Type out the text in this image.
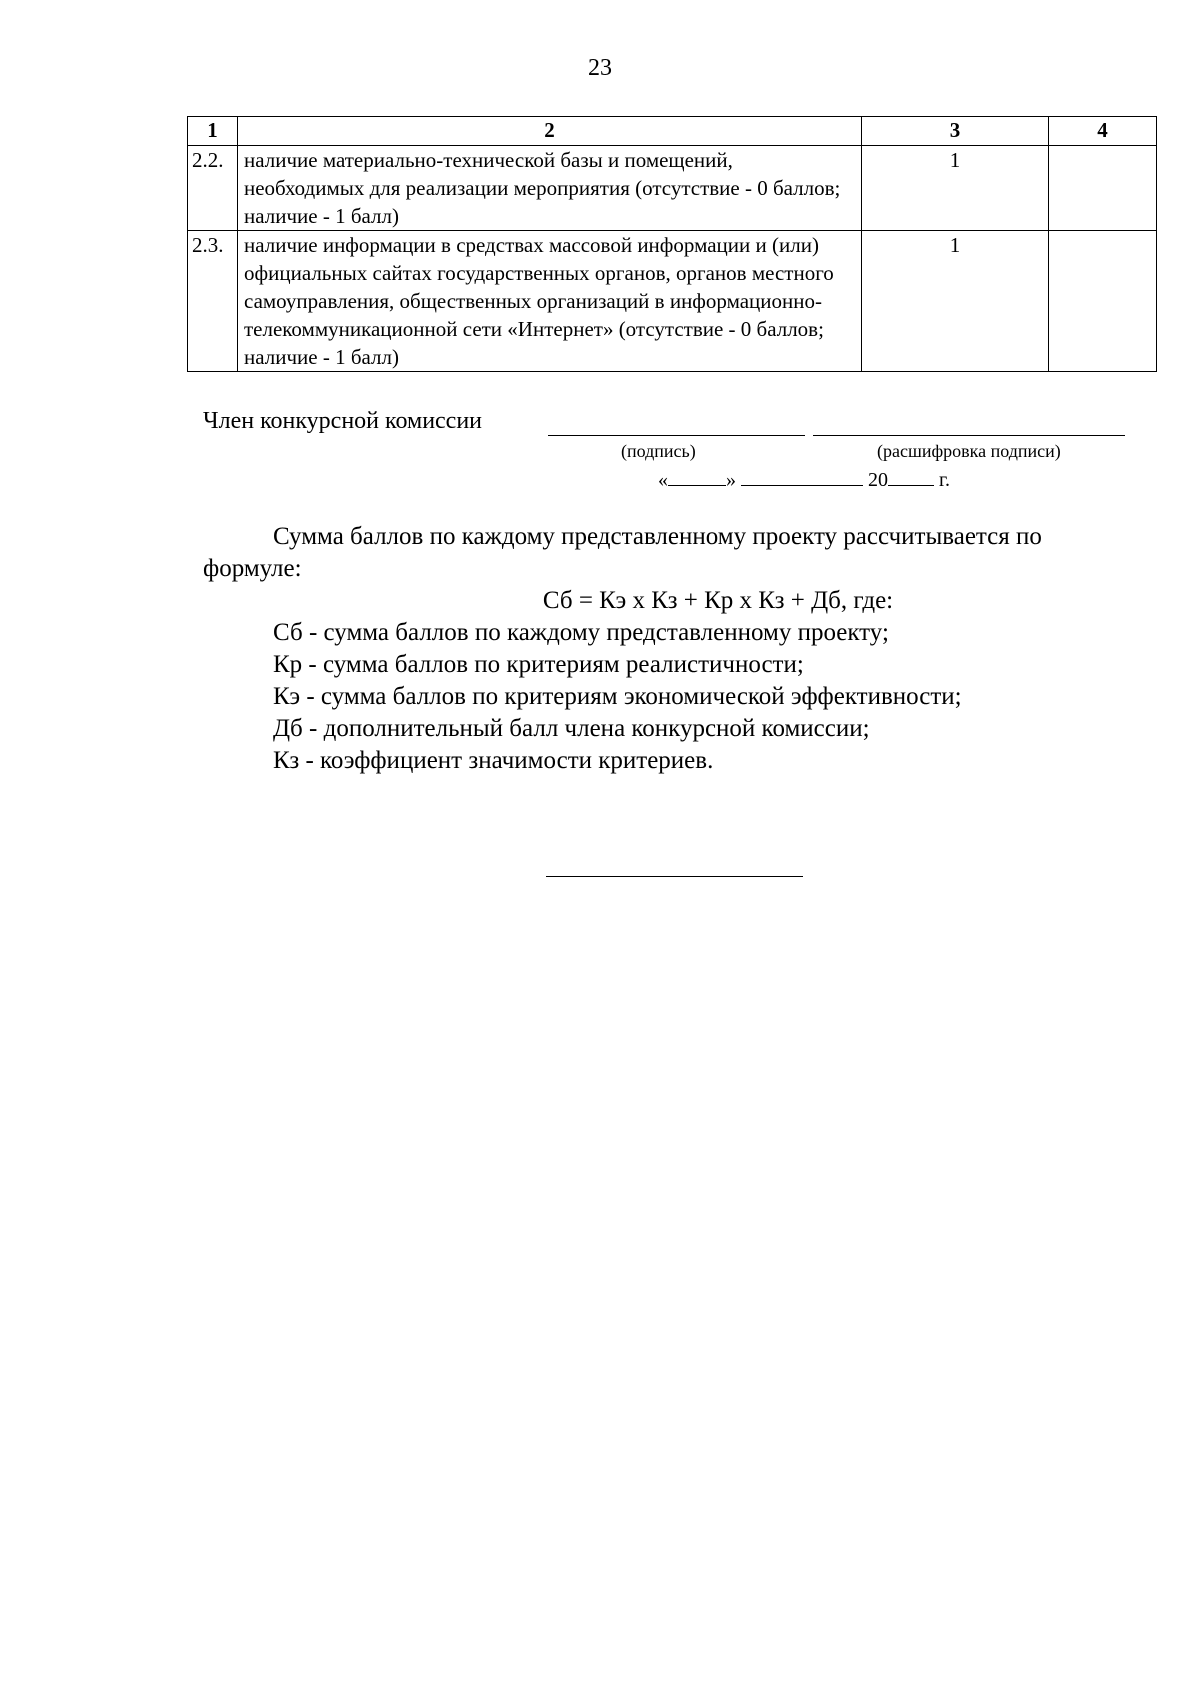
23
1	2	3	4
2.2.	наличие материально-технической базы и помещений, необходимых для реализации мероприятия (отсутствие - 0 баллов; наличие - 1 балл)	1	
2.3.	наличие информации в средствах массовой информации и (или) официальных сайтах государственных органов, органов местного самоуправления, общественных организаций в информационно-телекоммуникационной сети «Интернет» (отсутствие - 0 баллов; наличие - 1 балл)	1	
Член конкурсной комиссии
(подпись)	(расшифровка подписи)
«	»	20	г.

Сумма баллов по каждому представленному проекту рассчитывается по формуле:

Сб = Кэ х Кз + Кр х Кз + Дб, где:

Сб - сумма баллов по каждому представленному проекту;

Кр - сумма баллов по критериям реалистичности;

Кэ - сумма баллов по критериям экономической эффективности;

Дб - дополнительный балл члена конкурсной комиссии;

Кз - коэффициент значимости критериев.
